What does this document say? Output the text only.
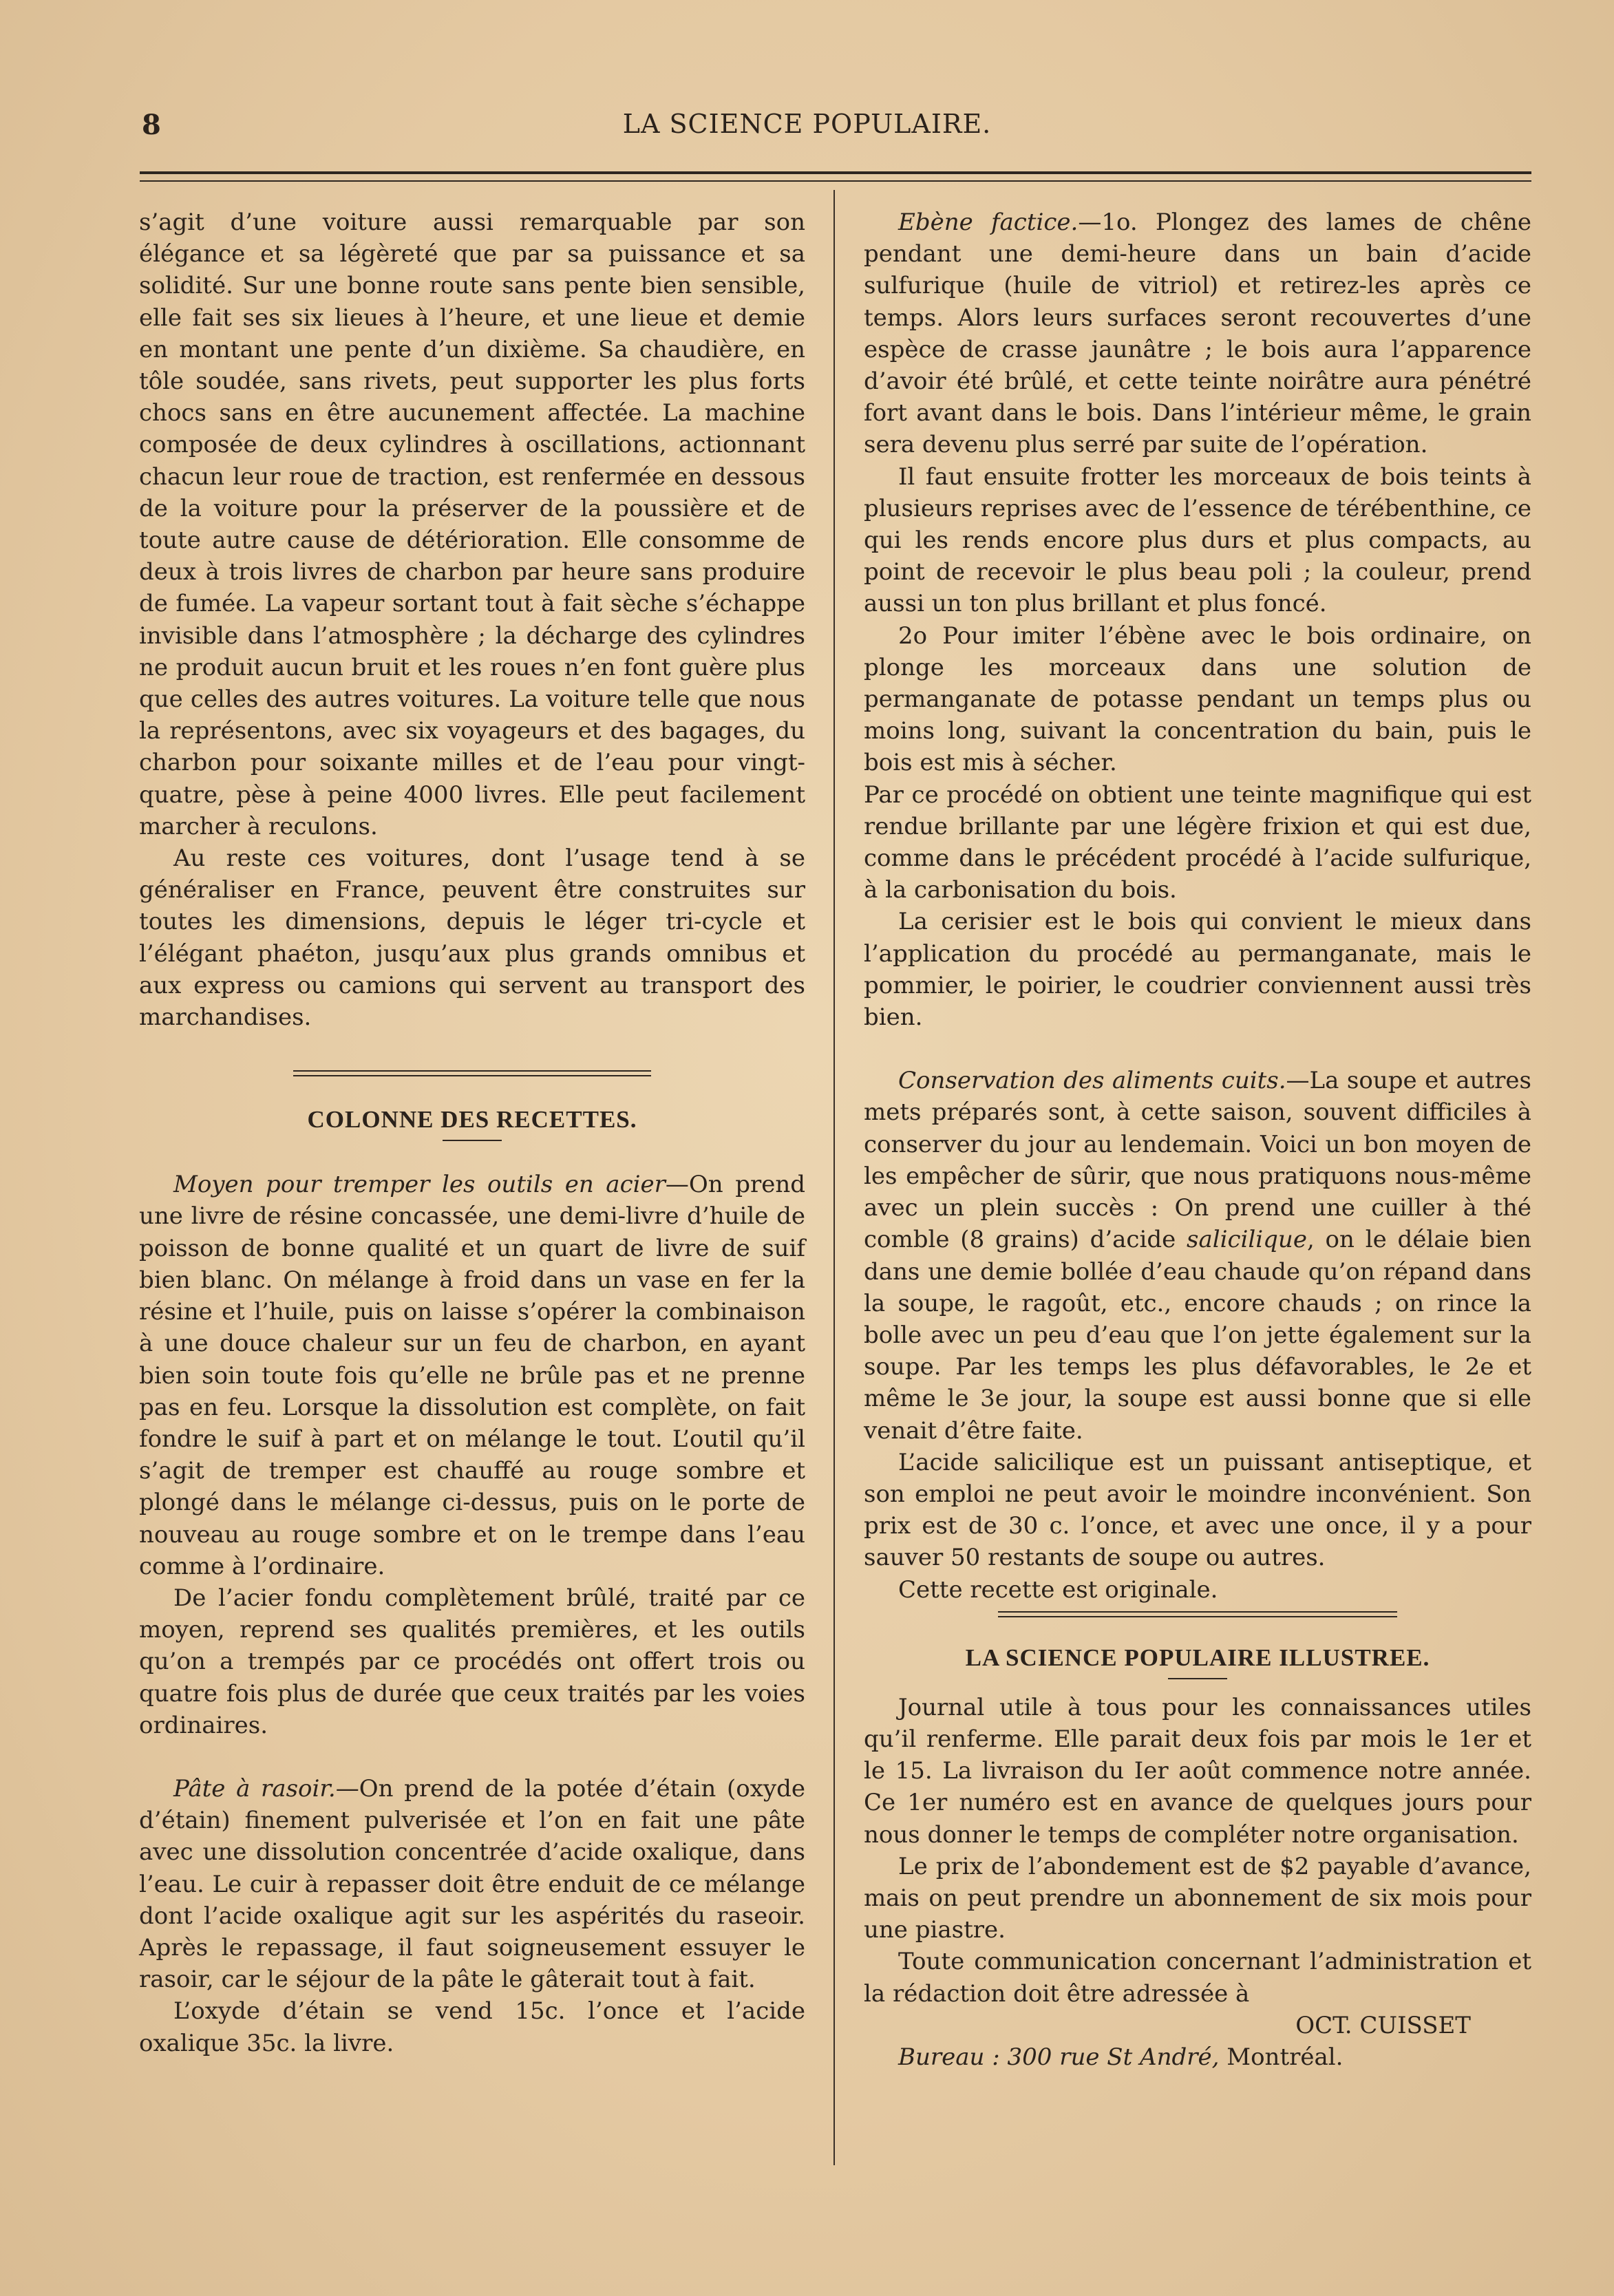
8	LA SCIENCE POPULAIRE.

s’agit d’une voiture aussi remarquable par son élégance et sa légèreté que par sa puissance et sa solidité. Sur une bonne route sans pente bien sensible, elle fait ses six lieues à l’heure, et une lieue et demie en montant une pente d’un dixième. Sa chaudière, en tôle soudée, sans rivets, peut supporter les plus forts chocs sans en être aucunement affectée. La machine composée de deux cylindres à oscillations, actionnant chacun leur roue de traction, est renfermée en dessous de la voiture pour la préserver de la poussière et de toute autre cause de détérioration. Elle consomme de deux à trois livres de charbon par heure sans produire de fumée. La vapeur sortant tout à fait sèche s’échappe invisible dans l’atmosphère ; la décharge des cylindres ne produit aucun bruit et les roues n’en font guère plus que celles des autres voitures. La voiture telle que nous la représentons, avec six voyageurs et des bagages, du charbon pour soixante milles et de l’eau pour vingt-quatre, pèse à peine 4000 livres. Elle peut facilement marcher à reculons.

Au reste ces voitures, dont l’usage tend à se généraliser en France, peuvent être construites sur toutes les dimensions, depuis le léger tri-cycle et l’élégant phaéton, jusqu’aux plus grands omnibus et aux express ou camions qui servent au transport des marchandises.

COLONNE DES RECETTES.

Moyen pour tremper les outils en acier—On prend une livre de résine concassée, une demi-livre d’huile de poisson de bonne qualité et un quart de livre de suif bien blanc. On mélange à froid dans un vase en fer la résine et l’huile, puis on laisse s’opérer la combinaison à une douce chaleur sur un feu de charbon, en ayant bien soin toute fois qu’elle ne brûle pas et ne prenne pas en feu. Lorsque la dissolution est complète, on fait fondre le suif à part et on mélange le tout. L’outil qu’il s’agit de tremper est chauffé au rouge sombre et plongé dans le mélange ci-dessus, puis on le porte de nouveau au rouge sombre et on le trempe dans l’eau comme à l’ordinaire.

De l’acier fondu complètement brûlé, traité par ce moyen, reprend ses qualités premières, et les outils qu’on a trempés par ce procédés ont offert trois ou quatre fois plus de durée que ceux traités par les voies ordinaires.

Pâte à rasoir.—On prend de la potée d’étain (oxyde d’étain) finement pulverisée et l’on en fait une pâte avec une dissolution concentrée d’acide oxalique, dans l’eau. Le cuir à repasser doit être enduit de ce mélange dont l’acide oxalique agit sur les aspérités du raseoir. Après le repassage, il faut soigneusement essuyer le rasoir, car le séjour de la pâte le gâterait tout à fait.

L’oxyde d’étain se vend 15c. l’once et l’acide oxalique 35c. la livre.

Ebène factice.—1o. Plongez des lames de chêne pendant une demi-heure dans un bain d’acide sulfurique (huile de vitriol) et retirez-les après ce temps. Alors leurs surfaces seront recouvertes d’une espèce de crasse jaunâtre ; le bois aura l’apparence d’avoir été brûlé, et cette teinte noirâtre aura pénétré fort avant dans le bois. Dans l’intérieur même, le grain sera devenu plus serré par suite de l’opération.

Il faut ensuite frotter les morceaux de bois teints à plusieurs reprises avec de l’essence de térébenthine, ce qui les rends encore plus durs et plus compacts, au point de recevoir le plus beau poli ; la couleur, prend aussi un ton plus brillant et plus foncé.

2o Pour imiter l’ébène avec le bois ordinaire, on plonge les morceaux dans une solution de permanganate de potasse pendant un temps plus ou moins long, suivant la concentration du bain, puis le bois est mis à sécher.

Par ce procédé on obtient une teinte magnifique qui est rendue brillante par une légère frixion et qui est due, comme dans le précédent procédé à l’acide sulfurique, à la carbonisation du bois.

La cerisier est le bois qui convient le mieux dans l’application du procédé au permanganate, mais le pommier, le poirier, le coudrier conviennent aussi très bien.

Conservation des aliments cuits.—La soupe et autres mets préparés sont, à cette saison, souvent difficiles à conserver du jour au lendemain. Voici un bon moyen de les empêcher de sûrir, que nous pratiquons nous-même avec un plein succès : On prend une cuiller à thé comble (8 grains) d’acide salicilique, on le délaie bien dans une demie bollée d’eau chaude qu’on répand dans la soupe, le ragoût, etc., encore chauds ; on rince la bolle avec un peu d’eau que l’on jette également sur la soupe. Par les temps les plus défavorables, le 2e et même le 3e jour, la soupe est aussi bonne que si elle venait d’être faite.

L’acide salicilique est un puissant antiseptique, et son emploi ne peut avoir le moindre inconvénient. Son prix est de 30 c. l’once, et avec une once, il y a pour sauver 50 restants de soupe ou autres.

Cette recette est originale.

LA SCIENCE POPULAIRE ILLUSTREE.

Journal utile à tous pour les connaissances utiles qu’il renferme. Elle parait deux fois par mois le 1er et le 15. La livraison du Ier août commence notre année. Ce 1er numéro est en avance de quelques jours pour nous donner le temps de compléter notre organisation.

Le prix de l’abondement est de $2 payable d’avance, mais on peut prendre un abonnement de six mois pour une piastre.

Toute communication concernant l’administration et la rédaction doit être adressée à

OCT. CUISSET

Bureau : 300 rue St André, Montréal.
